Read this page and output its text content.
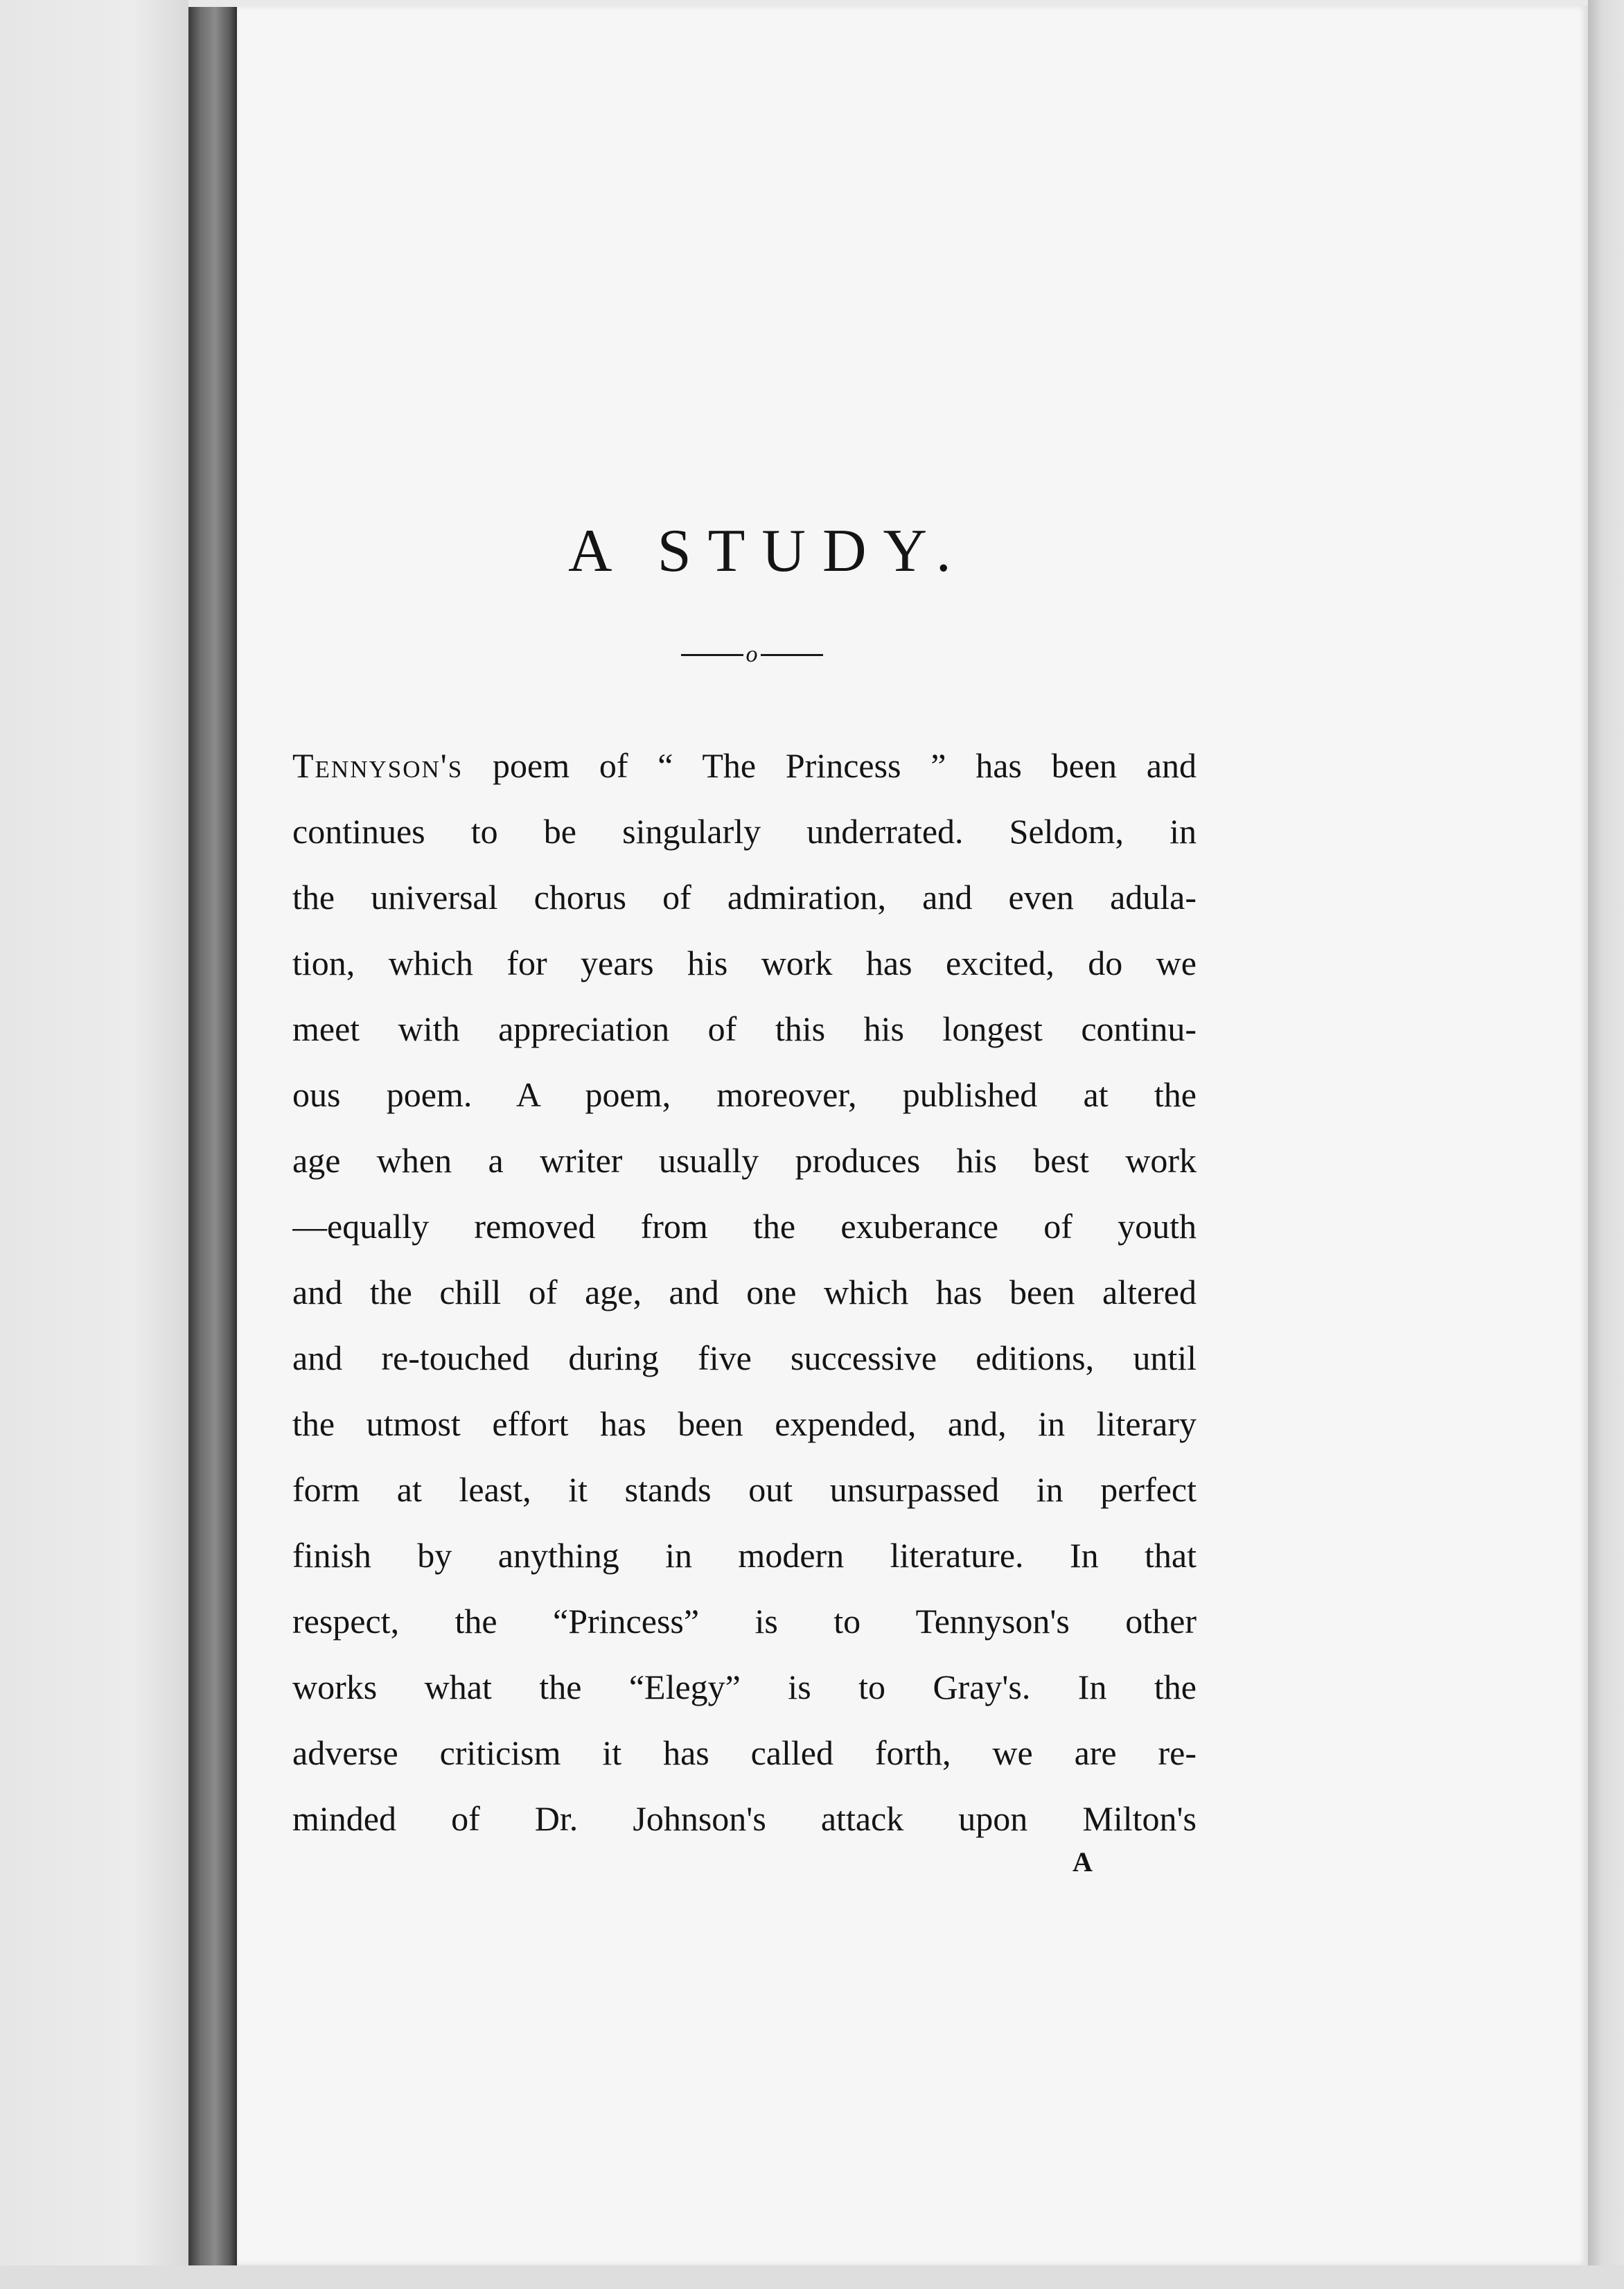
A STUDY.
o
Tennyson's poem of “ The Princess ” has been and
continues to be singularly underrated. Seldom, in
the universal chorus of admiration, and even adula-
tion, which for years his work has excited, do we
meet with appreciation of this his longest continu-
ous poem. A poem, moreover, published at the
age when a writer usually produces his best work
—equally removed from the exuberance of youth
and the chill of age, and one which has been altered
and re-touched during five successive editions, until
the utmost effort has been expended, and, in literary
form at least, it stands out unsurpassed in perfect
finish by anything in modern literature. In that
respect, the “Princess” is to Tennyson's other
works what the “Elegy” is to Gray's. In the
adverse criticism it has called forth, we are re-
minded of Dr. Johnson's attack upon Milton's
A
